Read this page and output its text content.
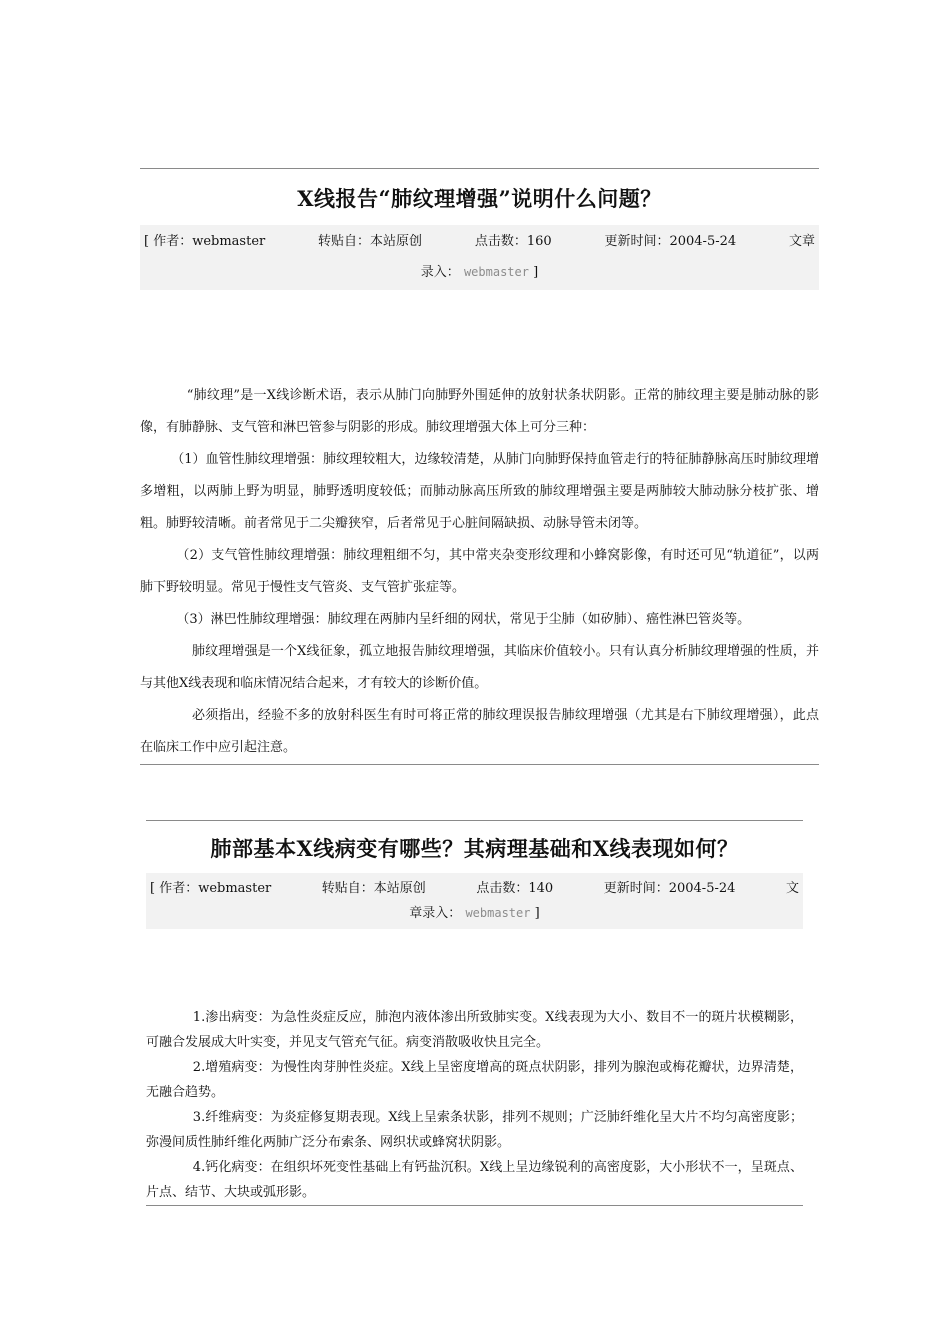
X线报告“肺纹理增强”说明什么问题？
[ 作者：webmaster	转贴自：本站原创	点击数：160	更新时间：2004-5-24	文章
录入： webmaster ]

“肺纹理”是一X线诊断术语，表示从肺门向肺野外围延伸的放射状条状阴影。正常的肺纹理主要是肺动脉的影像，有肺静脉、支气管和淋巴管参与阴影的形成。肺纹理增强大体上可分三种：

（1）血管性肺纹理增强：肺纹理较粗大，边缘较清楚，从肺门向肺野保持血管走行的特征肺静脉高压时肺纹理增多增粗，以两肺上野为明显，肺野透明度较低；而肺动脉高压所致的肺纹理增强主要是两肺较大肺动脉分枝扩张、增粗。肺野较清晰。前者常见于二尖瓣狭窄，后者常见于心脏间隔缺损、动脉导管未闭等。

（2）支气管性肺纹理增强：肺纹理粗细不匀，其中常夹杂变形纹理和小蜂窝影像，有时还可见“轨道征”，以两肺下野较明显。常见于慢性支气管炎、支气管扩张症等。

（3）淋巴性肺纹理增强：肺纹理在两肺内呈纤细的网状，常见于尘肺（如矽肺）、癌性淋巴管炎等。

肺纹理增强是一个X线征象，孤立地报告肺纹理增强，其临床价值较小。只有认真分析肺纹理增强的性质，并与其他X线表现和临床情况结合起来，才有较大的诊断价值。

必须指出，经验不多的放射科医生有时可将正常的肺纹理误报告肺纹理增强（尤其是右下肺纹理增强），此点在临床工作中应引起注意。

肺部基本X线病变有哪些？其病理基础和X线表现如何？
[ 作者：webmaster	转贴自：本站原创	点击数：140	更新时间：2004-5-24	文
章录入： webmaster ]

1.渗出病变：为急性炎症反应，肺泡内液体渗出所致肺实变。X线表现为大小、数目不一的斑片状模糊影，可融合发展成大叶实变，并见支气管充气征。病变消散吸收快且完全。

2.增殖病变：为慢性肉芽肿性炎症。X线上呈密度增高的斑点状阴影，排列为腺泡或梅花瓣状，边界清楚，无融合趋势。

3.纤维病变：为炎症修复期表现。X线上呈索条状影，排列不规则；广泛肺纤维化呈大片不均匀高密度影；弥漫间质性肺纤维化两肺广泛分布索条、网织状或蜂窝状阴影。

4.钙化病变：在组织坏死变性基础上有钙盐沉积。X线上呈边缘锐利的高密度影，大小形状不一，呈斑点、片点、结节、大块或弧形影。
